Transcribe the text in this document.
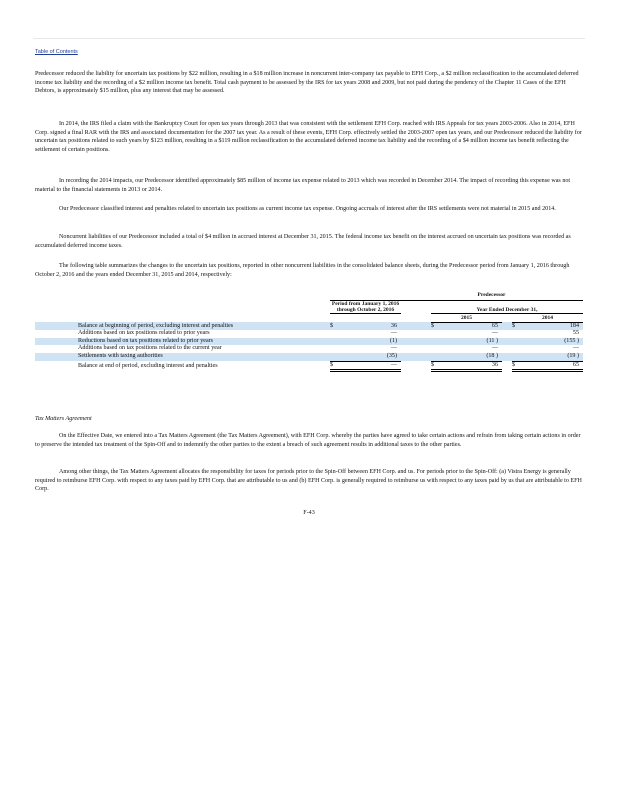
Table of Contents

Predecessor reduced the liability for uncertain tax positions by $22 million, resulting in a $18 million increase in noncurrent inter-company tax payable to EFH Corp., a $2 million reclassification to the accumulated deferred income tax liability and the recording of a $2 million income tax benefit. Total cash payment to be assessed by the IRS for tax years 2008 and 2009, but not paid during the pendency of the Chapter 11 Cases of the EFH Debtors, is approximately $15 million, plus any interest that may be assessed.

In 2014, the IRS filed a claim with the Bankruptcy Court for open tax years through 2013 that was consistent with the settlement EFH Corp. reached with IRS Appeals for tax years 2003-2006. Also in 2014, EFH Corp. signed a final RAR with the IRS and associated documentation for the 2007 tax year. As a result of these events, EFH Corp. effectively settled the 2003-2007 open tax years, and our Predecessor reduced the liability for uncertain tax positions related to such years by $123 million, resulting in a $119 million reclassification to the accumulated deferred income tax liability and the recording of a $4 million income tax benefit reflecting the settlement of certain positions.

In recording the 2014 impacts, our Predecessor identified approximately $85 million of income tax expense related to 2013 which was recorded in December 2014. The impact of recording this expense was not material to the financial statements in 2013 or 2014.

Our Predecessor classified interest and penalties related to uncertain tax positions as current income tax expense. Ongoing accruals of interest after the IRS settlements were not material in 2015 and 2014.

Noncurrent liabilities of our Predecessor included a total of $4 million in accrued interest at December 31, 2015. The federal income tax benefit on the interest accrued on uncertain tax positions was recorded as accumulated deferred income taxes.

The following table summarizes the changes to the uncertain tax positions, reported in other noncurrent liabilities in the consolidated balance sheets, during the Predecessor period from January 1, 2016 through October 2, 2016 and the years ended December 31, 2015 and 2014, respectively:

	Predecessor							
	Period from January 1, 2016 through October 2, 2016			Year Ended December 31,				
				2015			2014	
Balance at beginning of period, excluding interest and penalties	$	36		$	65		$	184
Additions based on tax positions related to prior years		—			—			55
Reductions based on tax positions related to prior years		(1)			(11 )			(155 )
Additions based on tax positions related to the current year		—			—			—
Settlements with taxing authorities		(35)			(18 )			(19 )
Balance at end of period, excluding interest and penalties	$	—		$	36		$	65

Tax Matters Agreement

On the Effective Date, we entered into a Tax Matters Agreement (the Tax Matters Agreement), with EFH Corp. whereby the parties have agreed to take certain actions and refrain from taking certain actions in order to preserve the intended tax treatment of the Spin-Off and to indemnify the other parties to the extent a breach of such agreement results in additional taxes to the other parties.

Among other things, the Tax Matters Agreement allocates the responsibility for taxes for periods prior to the Spin-Off between EFH Corp. and us. For periods prior to the Spin-Off: (a) Vistra Energy is generally required to reimburse EFH Corp. with respect to any taxes paid by EFH Corp. that are attributable to us and (b) EFH Corp. is generally required to reimburse us with respect to any taxes paid by us that are attributable to EFH Corp.

F-43
